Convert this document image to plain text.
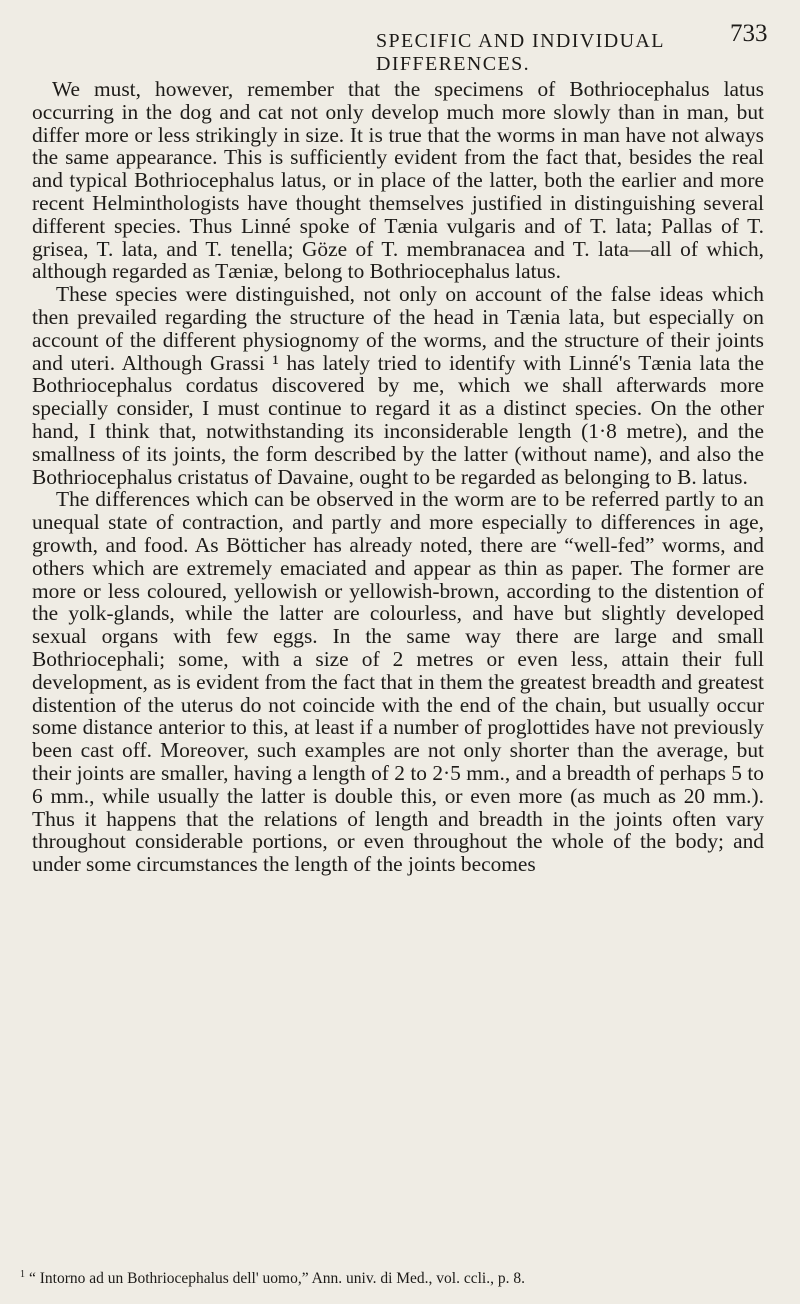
SPECIFIC AND INDIVIDUAL DIFFERENCES.
733

We must, however, remember that the specimens of Bothriocephalus latus occurring in the dog and cat not only develop much more slowly than in man, but differ more or less strikingly in size. It is true that the worms in man have not always the same appearance. This is sufficiently evident from the fact that, besides the real and typical Bothriocephalus latus, or in place of the latter, both the earlier and more recent Helminthologists have thought themselves justified in distinguishing several different species. Thus Linné spoke of Tænia vulgaris and of T. lata; Pallas of T. grisea, T. lata, and T. tenella; Göze of T. membranacea and T. lata—all of which, although regarded as Tæniæ, belong to Bothriocephalus latus.

These species were distinguished, not only on account of the false ideas which then prevailed regarding the structure of the head in Tænia lata, but especially on account of the different physiognomy of the worms, and the structure of their joints and uteri. Although Grassi ¹ has lately tried to identify with Linné's Tænia lata the Bothriocephalus cordatus discovered by me, which we shall afterwards more specially consider, I must continue to regard it as a distinct species. On the other hand, I think that, notwithstanding its inconsiderable length (1·8 metre), and the smallness of its joints, the form described by the latter (without name), and also the Bothriocephalus cristatus of Davaine, ought to be regarded as belonging to B. latus.

The differences which can be observed in the worm are to be referred partly to an unequal state of contraction, and partly and more especially to differences in age, growth, and food. As Bötticher has already noted, there are “well-fed” worms, and others which are extremely emaciated and appear as thin as paper. The former are more or less coloured, yellowish or yellowish-brown, according to the distention of the yolk-glands, while the latter are colourless, and have but slightly developed sexual organs with few eggs. In the same way there are large and small Bothriocephali; some, with a size of 2 metres or even less, attain their full development, as is evident from the fact that in them the greatest breadth and greatest distention of the uterus do not coincide with the end of the chain, but usually occur some distance anterior to this, at least if a number of proglottides have not previously been cast off. Moreover, such examples are not only shorter than the average, but their joints are smaller, having a length of 2 to 2·5 mm., and a breadth of perhaps 5 to 6 mm., while usually the latter is double this, or even more (as much as 20 mm.). Thus it happens that the relations of length and breadth in the joints often vary throughout considerable portions, or even throughout the whole of the body; and under some circumstances the length of the joints becomes

$^1$ “ Intorno ad un Bothriocephalus dell' uomo,” Ann. univ. di Med., vol. ccli., p. 8.
